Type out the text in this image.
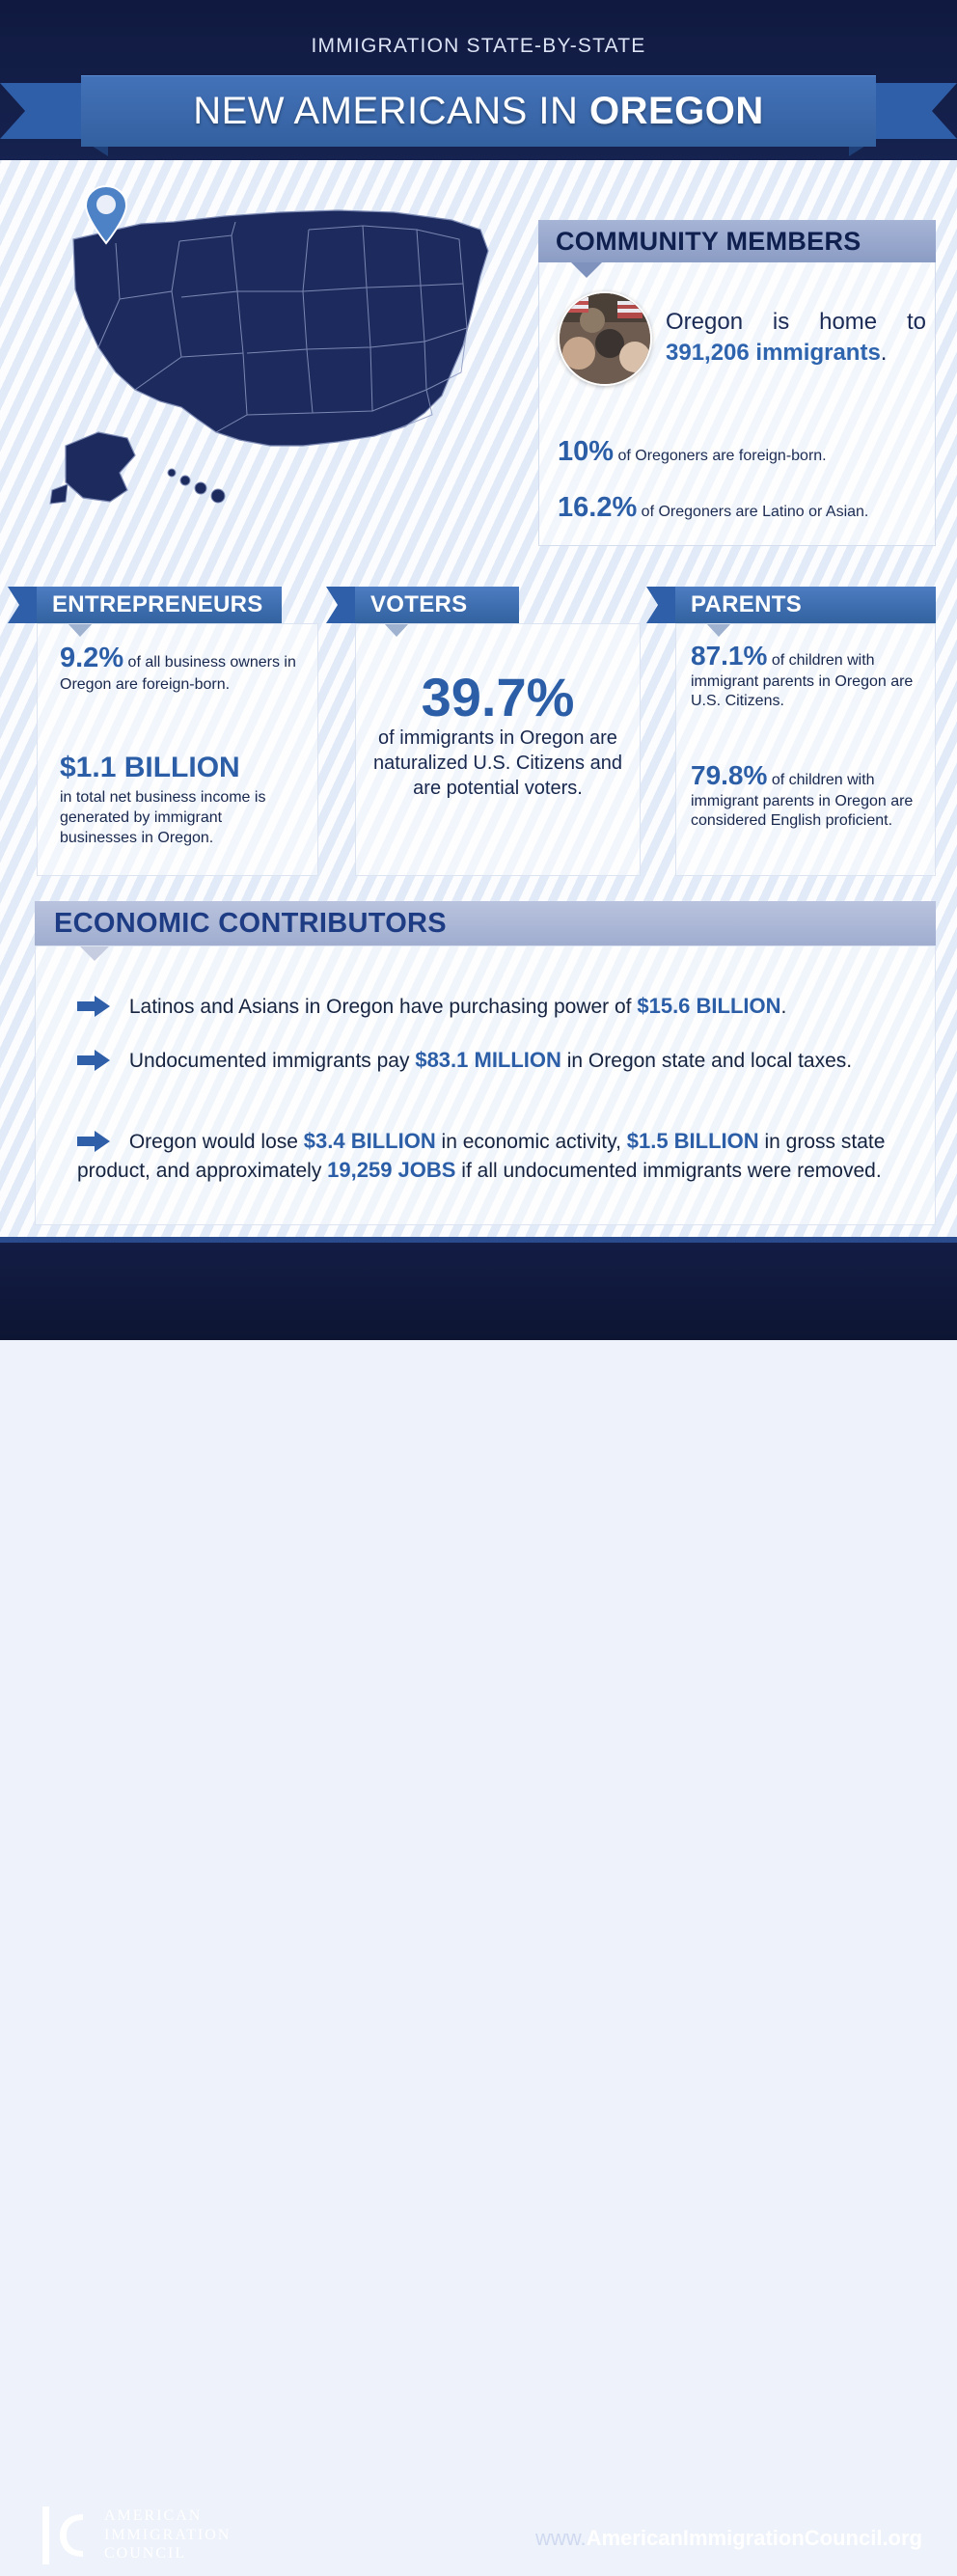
IMMIGRATION STATE-BY-STATE
NEW AMERICANS IN OREGON
COMMUNITY MEMBERS
Oregon is home to 391,206 immigrants.
10% of Oregoners are foreign-born.
16.2% of Oregoners are Latino or Asian.
ENTREPRENEURS
9.2% of all business owners in Oregon are foreign-born.
$1.1 BILLION
in total net business income is generated by immigrant businesses in Oregon.
VOTERS
39.7%
of immigrants in Oregon are naturalized U.S. Citizens and are potential voters.
PARENTS
87.1% of children with immigrant parents in Oregon are U.S. Citizens.
79.8% of children with immigrant parents in Oregon are considered English proficient.
ECONOMIC CONTRIBUTORS
Latinos and Asians in Oregon have purchasing power of $15.6 BILLION.
Undocumented immigrants pay $83.1 MILLION in Oregon state and local taxes.
Oregon would lose $3.4 BILLION in economic activity, $1.5 BILLION in gross state product, and approximately 19,259 JOBS if all undocumented immigrants were removed.
AMERICAN
IMMIGRATION
COUNCIL
www.AmericanImmigrationCouncil.org
